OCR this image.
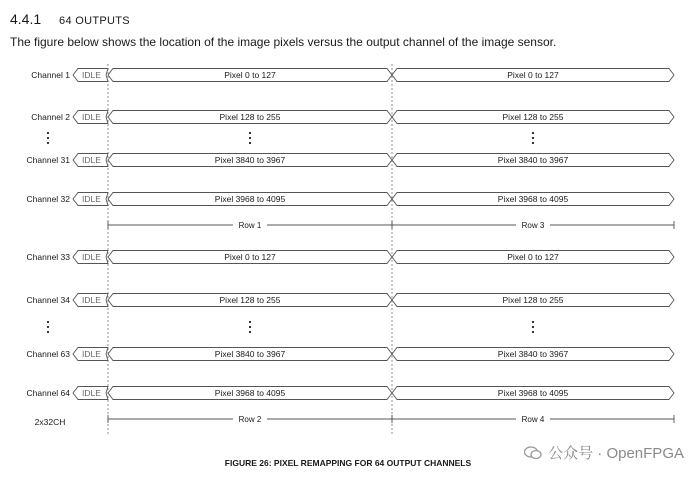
4.4.1 64 OUTPUTS
The figure below shows the location of the image pixels versus the output channel of the image sensor.
Channel 1 IDLE	Pixel 0 to 127	Pixel 0 to 127
Channel 2 IDLE	Pixel 128 to 255	Pixel 128 to 255
Channel 31 IDLE	Pixel 3840 to 3967	Pixel 3840 to 3967
Channel 32 IDLE	Pixel 3968 to 4095	Pixel 3968 to 4095
Row 1	Row 3
Channel 33 IDLE	Pixel 0 to 127	Pixel 0 to 127
Channel 34 IDLE	Pixel 128 to 255	Pixel 128 to 255
Channel 63 IDLE	Pixel 3840 to 3967	Pixel 3840 to 3967
Channel 64 IDLE	Pixel 3968 to 4095	Pixel 3968 to 4095
Row 2	Row 4
2x32CH
FIGURE 26: PIXEL REMAPPING FOR 64 OUTPUT CHANNELS
公众号 · OpenFPGA
